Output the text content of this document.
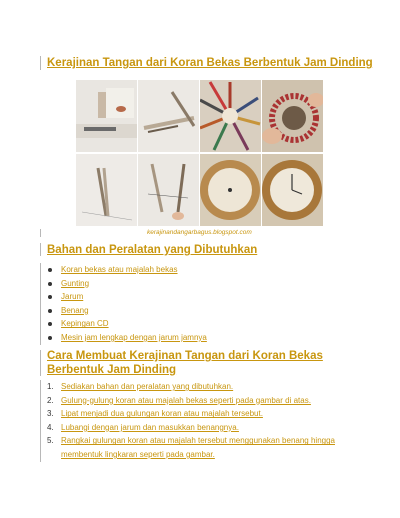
Kerajinan Tangan dari Koran Bekas Berbentuk Jam Dinding
kerajinandangarbagus.blogspot.com
Bahan dan Peralatan yang Dibutuhkan
Koran bekas atau majalah bekas
Gunting
Jarum
Benang
Kepingan CD
Mesin jam lengkap dengan jarum jamnya
Cara Membuat Kerajinan Tangan dari Koran Bekas Berbentuk Jam Dinding
1. Sediakan bahan dan peralatan yang dibutuhkan.
2. Gulung-gulung koran atau majalah bekas seperti pada gambar di atas.
3. Lipat menjadi dua gulungan koran atau majalah tersebut.
4. Lubangi dengan jarum dan masukkan benangnya.
5. Rangkai gulungan koran atau majalah tersebut menggunakan benang hingga membentuk lingkaran seperti pada gambar.
